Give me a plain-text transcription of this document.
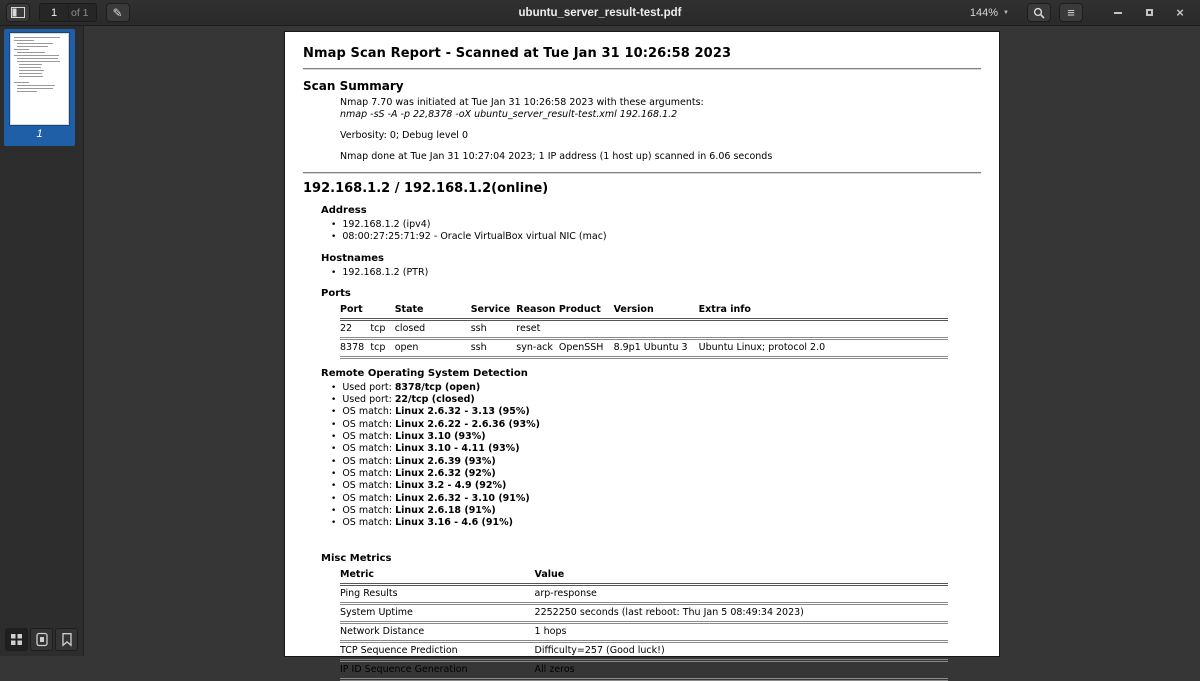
1	of 1	✎	ubuntu_server_result-test.pdf	144% ▼	≡	×
1
Nmap Scan Report - Scanned at Tue Jan 31 10:26:58 2023
Scan Summary
Nmap 7.70 was initiated at Tue Jan 31 10:26:58 2023 with these arguments:
nmap -sS -A -p 22,8378 -oX ubuntu_server_result-test.xml 192.168.1.2
Verbosity: 0; Debug level 0
Nmap done at Tue Jan 31 10:27:04 2023; 1 IP address (1 host up) scanned in 6.06 seconds
192.168.1.2 / 192.168.1.2(online)
Address
• 192.168.1.2 (ipv4)
• 08:00:27:25:71:92 - Oracle VirtualBox virtual NIC (mac)
Hostnames
• 192.168.1.2 (PTR)
Ports
Port		State	Service	Reason	Product	Version	Extra info
22	tcp	closed	ssh	reset			
8378	tcp	open	ssh	syn-ack	OpenSSH	8.9p1 Ubuntu 3	Ubuntu Linux; protocol 2.0
Remote Operating System Detection
• Used port: 8378/tcp (open)
• Used port: 22/tcp (closed)
• OS match: Linux 2.6.32 - 3.13 (95%)
• OS match: Linux 2.6.22 - 2.6.36 (93%)
• OS match: Linux 3.10 (93%)
• OS match: Linux 3.10 - 4.11 (93%)
• OS match: Linux 2.6.39 (93%)
• OS match: Linux 2.6.32 (92%)
• OS match: Linux 3.2 - 4.9 (92%)
• OS match: Linux 2.6.32 - 3.10 (91%)
• OS match: Linux 2.6.18 (91%)
• OS match: Linux 3.16 - 4.6 (91%)
Misc Metrics
Metric	Value
Ping Results	arp-response
System Uptime	2252250 seconds (last reboot: Thu Jan 5 08:49:34 2023)
Network Distance	1 hops
TCP Sequence Prediction	Difficulty=257 (Good luck!)
IP ID Sequence Generation	All zeros
